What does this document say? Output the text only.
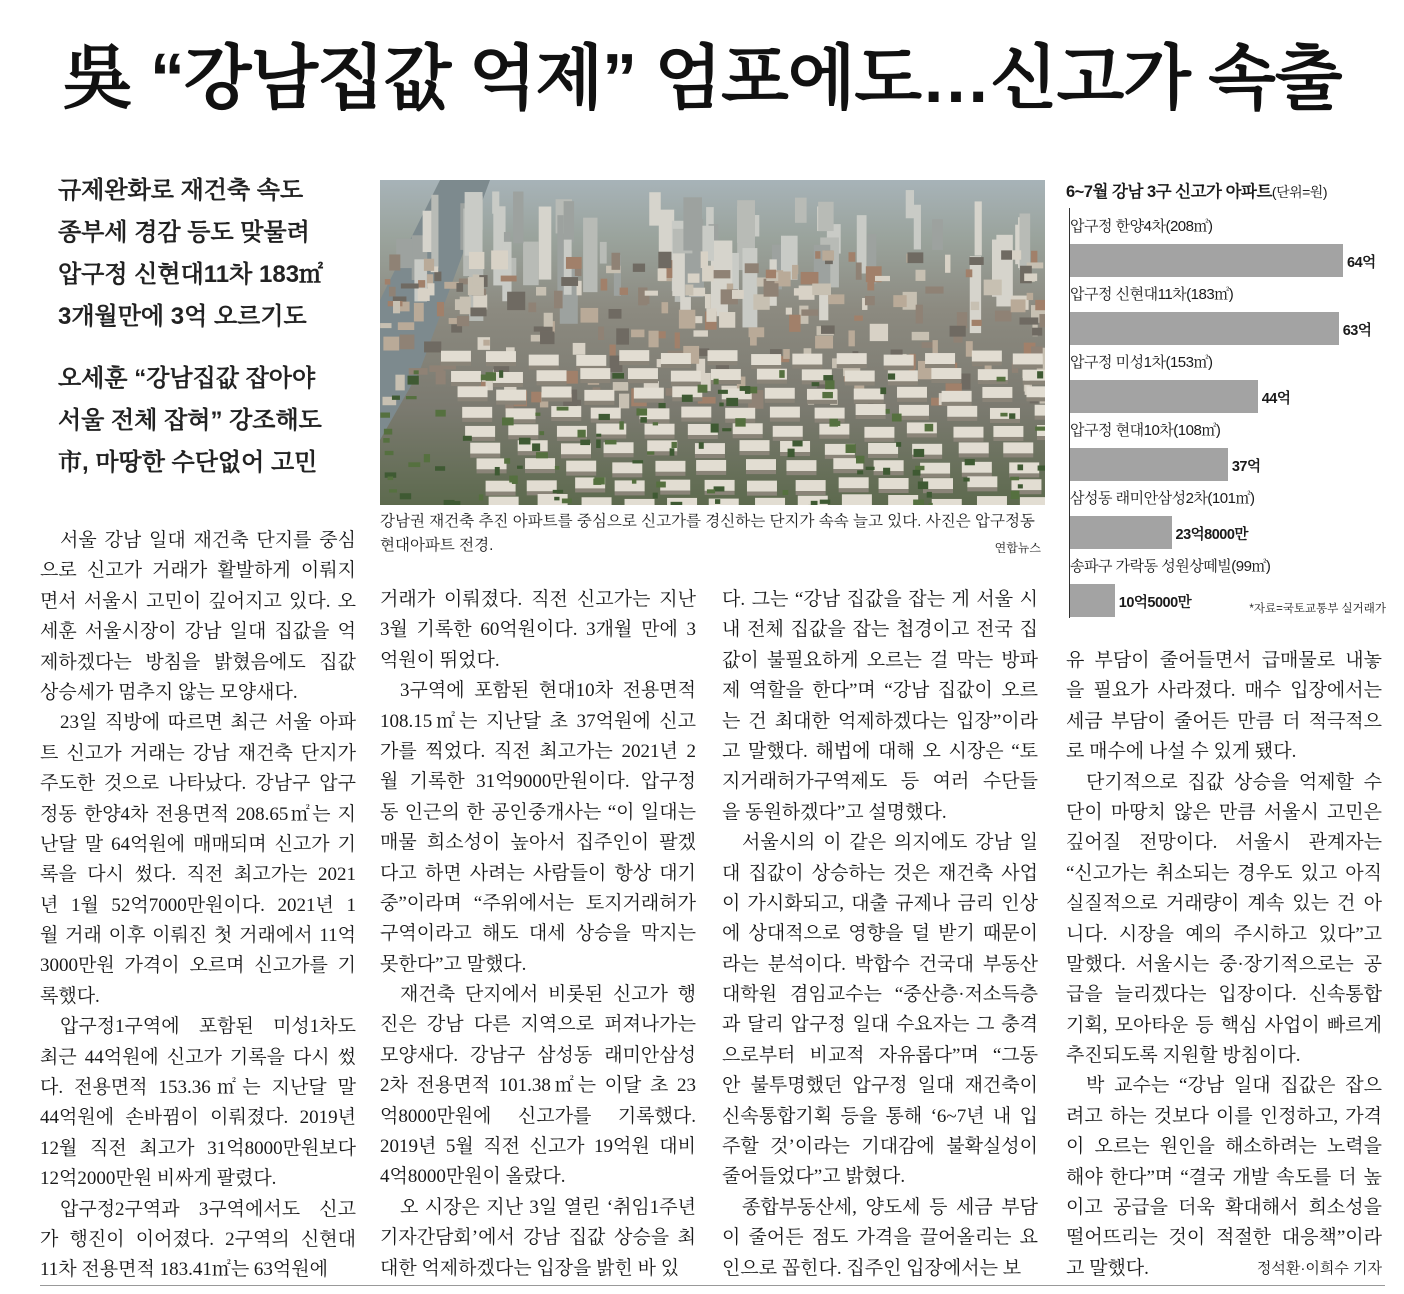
吳 “강남집값 억제” 엄포에도…신고가 속출
규제완화로 재건축 속도
종부세 경감 등도 맞물려
압구정 신현대11차 183㎡
3개월만에 3억 오르기도
오세훈 “강남집값 잡아야
서울 전체 잡혀” 강조해도
市, 마땅한 수단없어 고민
강남권 재건축 추진 아파트를 중심으로 신고가를 경신하는 단지가 속속 늘고 있다. 사진은 압구정동 현대아파트 전경.	연합뉴스
6~7월 강남 3구 신고가 아파트(단위=원)
*자료=국토교통부 실거래가
압구정 한양4차(208㎡)
64억
압구정 신현대11차(183㎡)
63억
압구정 미성1차(153㎡)
44억
압구정 현대10차(108㎡)
37억
삼성동 래미안삼성2차(101㎡)
23억8000만
송파구 가락동 성원상떼빌(99㎡)
10억5000만
서울 강남 일대 재건축 단지를 중심
으로 신고가 거래가 활발하게 이뤄지
면서 서울시 고민이 깊어지고 있다. 오
세훈 서울시장이 강남 일대 집값을 억
제하겠다는 방침을 밝혔음에도 집값
상승세가 멈추지 않는 모양새다.
23일 직방에 따르면 최근 서울 아파
트 신고가 거래는 강남 재건축 단지가
주도한 것으로 나타났다. 강남구 압구
정동 한양4차 전용면적 208.65㎡는 지
난달 말 64억원에 매매되며 신고가 기
록을 다시 썼다. 직전 최고가는 2021
년 1월 52억7000만원이다. 2021년 1
월 거래 이후 이뤄진 첫 거래에서 11억
3000만원 가격이 오르며 신고가를 기
록했다.
압구정1구역에 포함된 미성1차도
최근 44억원에 신고가 기록을 다시 썼
다. 전용면적 153.36㎡는 지난달 말
44억원에 손바뀜이 이뤄졌다. 2019년
12월 직전 최고가 31억8000만원보다
12억2000만원 비싸게 팔렸다.
압구정2구역과 3구역에서도 신고
가 행진이 이어졌다. 2구역의 신현대
11차 전용면적 183.41㎡는 63억원에
거래가 이뤄졌다. 직전 신고가는 지난
3월 기록한 60억원이다. 3개월 만에 3
억원이 뛰었다.
3구역에 포함된 현대10차 전용면적
108.15㎡는 지난달 초 37억원에 신고
가를 찍었다. 직전 최고가는 2021년 2
월 기록한 31억9000만원이다. 압구정
동 인근의 한 공인중개사는 “이 일대는
매물 희소성이 높아서 집주인이 팔겠
다고 하면 사려는 사람들이 항상 대기
중”이라며 “주위에서는 토지거래허가
구역이라고 해도 대세 상승을 막지는
못한다”고 말했다.
재건축 단지에서 비롯된 신고가 행
진은 강남 다른 지역으로 퍼져나가는
모양새다. 강남구 삼성동 래미안삼성
2차 전용면적 101.38㎡는 이달 초 23
억8000만원에 신고가를 기록했다.
2019년 5월 직전 신고가 19억원 대비
4억8000만원이 올랐다.
오 시장은 지난 3일 열린 ‘취임1주년
기자간담회’에서 강남 집값 상승을 최
대한 억제하겠다는 입장을 밝힌 바 있
다. 그는 “강남 집값을 잡는 게 서울 시
내 전체 집값을 잡는 첩경이고 전국 집
값이 불필요하게 오르는 걸 막는 방파
제 역할을 한다”며 “강남 집값이 오르
는 건 최대한 억제하겠다는 입장”이라
고 말했다. 해법에 대해 오 시장은 “토
지거래허가구역제도 등 여러 수단들
을 동원하겠다”고 설명했다.
서울시의 이 같은 의지에도 강남 일
대 집값이 상승하는 것은 재건축 사업
이 가시화되고, 대출 규제나 금리 인상
에 상대적으로 영향을 덜 받기 때문이
라는 분석이다. 박합수 건국대 부동산
대학원 겸임교수는 “중산층·저소득층
과 달리 압구정 일대 수요자는 그 충격
으로부터 비교적 자유롭다”며 “그동
안 불투명했던 압구정 일대 재건축이
신속통합기획 등을 통해 ‘6~7년 내 입
주할 것’이라는 기대감에 불확실성이
줄어들었다”고 밝혔다.
종합부동산세, 양도세 등 세금 부담
이 줄어든 점도 가격을 끌어올리는 요
인으로 꼽힌다. 집주인 입장에서는 보
유 부담이 줄어들면서 급매물로 내놓
을 필요가 사라졌다. 매수 입장에서는
세금 부담이 줄어든 만큼 더 적극적으
로 매수에 나설 수 있게 됐다.
단기적으로 집값 상승을 억제할 수
단이 마땅치 않은 만큼 서울시 고민은
깊어질 전망이다. 서울시 관계자는
“신고가는 취소되는 경우도 있고 아직
실질적으로 거래량이 계속 있는 건 아
니다. 시장을 예의 주시하고 있다”고
말했다. 서울시는 중·장기적으로는 공
급을 늘리겠다는 입장이다. 신속통합
기획, 모아타운 등 핵심 사업이 빠르게
추진되도록 지원할 방침이다.
박 교수는 “강남 일대 집값은 잡으
려고 하는 것보다 이를 인정하고, 가격
이 오르는 원인을 해소하려는 노력을
해야 한다”며 “결국 개발 속도를 더 높
이고 공급을 더욱 확대해서 희소성을
떨어뜨리는 것이 적절한 대응책”이라
고 말했다.	정석환·이희수 기자
